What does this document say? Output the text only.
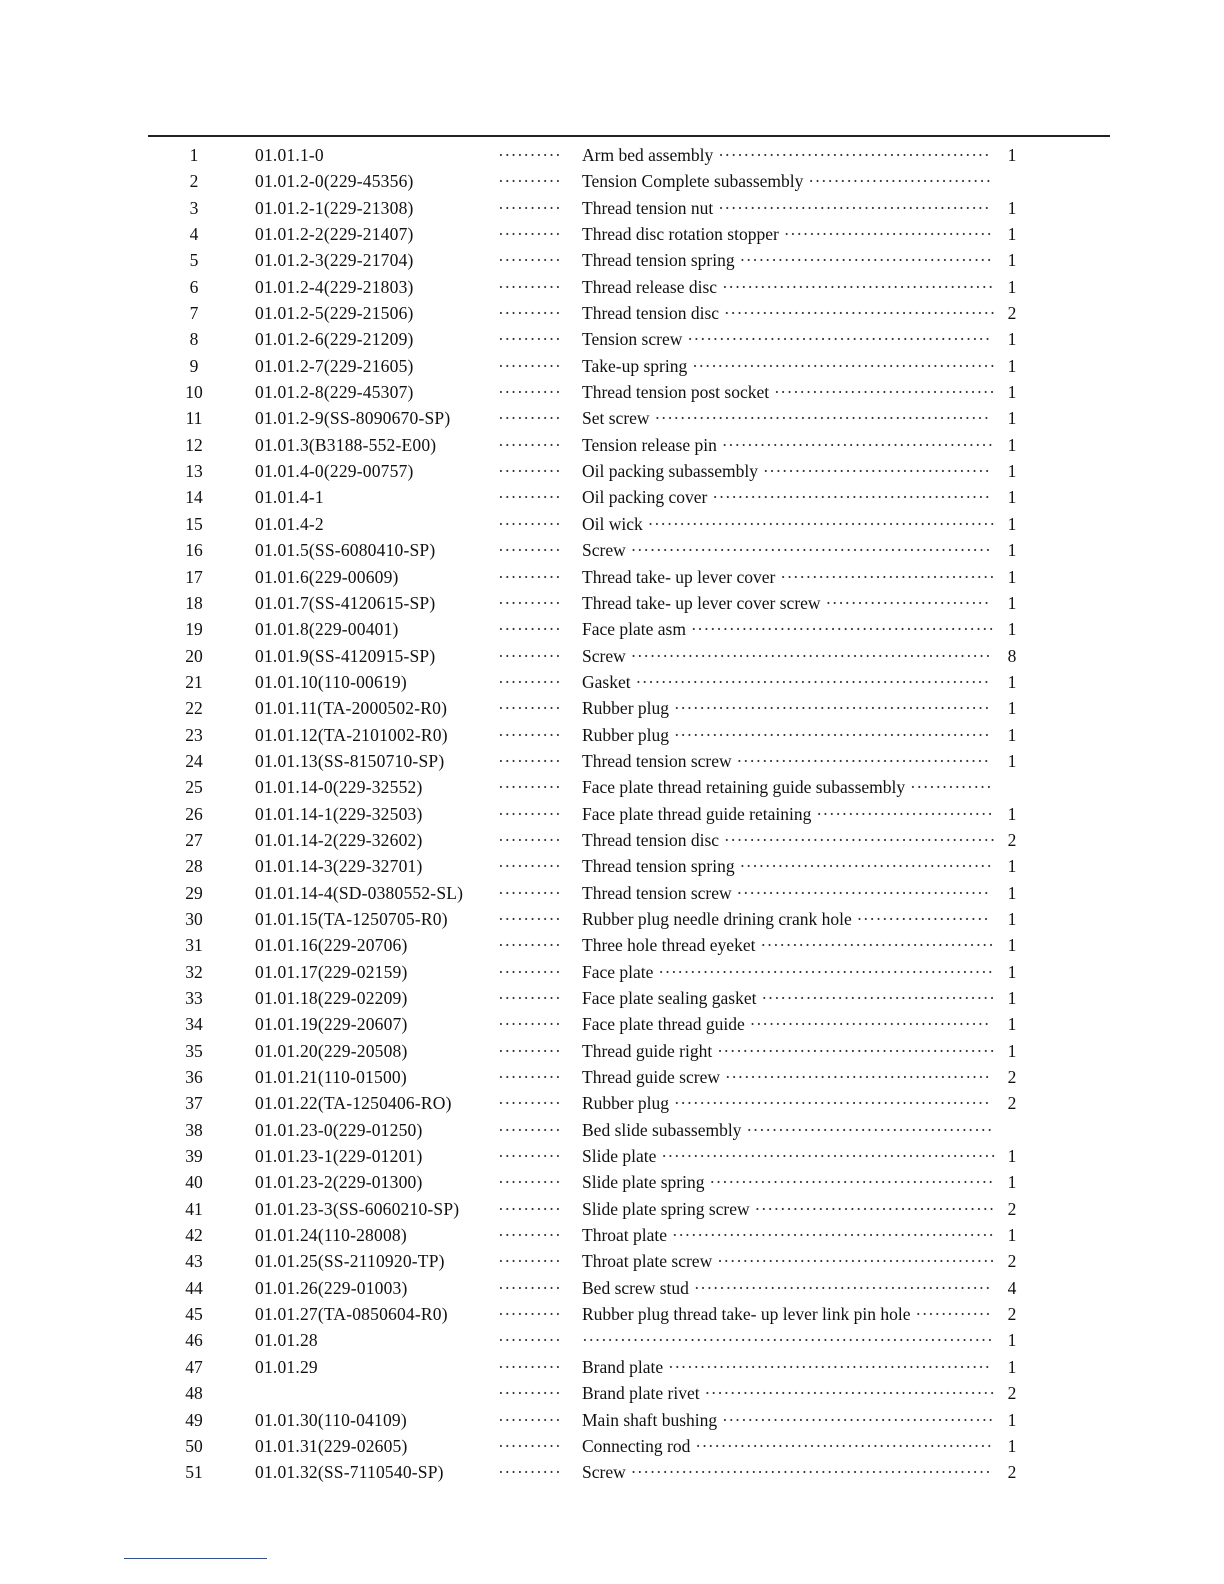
1	01.01.1-0	·········· Arm bed assembly ··········································· 1
2	01.01.2-0(229-45356)	·········· Tension Complete subassembly ·····························
3	01.01.2-1(229-21308)	·········· Thread tension nut ··········································· 1
4	01.01.2-2(229-21407)	·········· Thread disc rotation stopper ································· 1
5	01.01.2-3(229-21704)	·········· Thread tension spring ········································ 1
6	01.01.2-4(229-21803)	·········· Thread release disc ··········································· 1
7	01.01.2-5(229-21506)	·········· Thread tension disc ··········································· 2
8	01.01.2-6(229-21209)	·········· Tension screw ················································ 1
9	01.01.2-7(229-21605)	·········· Take-up spring ················································ 1
10	01.01.2-8(229-45307)	·········· Thread tension post socket ··································· 1
11	01.01.2-9(SS-8090670-SP)	·········· Set screw ·····················································	1
12	01.01.3(B3188-552-E00)	·········· Tension release pin ··········································· 1
13	01.01.4-0(229-00757)	·········· Oil packing subassembly ···································· 1
14	01.01.4-1	·········· Oil packing cover ············································ 1
15	01.01.4-2	·········· Oil wick ······················································· 1
16	01.01.5(SS-6080410-SP)	·········· Screw ························································· 1
17	01.01.6(229-00609)	·········· Thread take- up lever cover ·································· 1
18	01.01.7(SS-4120615-SP)	·········· Thread take- up lever cover screw ··························	1
19	01.01.8(229-00401)	·········· Face plate asm ················································ 1
20	01.01.9(SS-4120915-SP)	·········· Screw ························································· 8
21	01.01.10(110-00619)	·········· Gasket ························································	1
22	01.01.11(TA-2000502-R0)	·········· Rubber plug ·················································· 1
23	01.01.12(TA-2101002-R0)	·········· Rubber plug ·················································· 1
24	01.01.13(SS-8150710-SP)	·········· Thread tension screw ········································	1
25	01.01.14-0(229-32552)	·········· Face plate thread retaining guide subassembly ·············
26	01.01.14-1(229-32503)	·········· Face plate thread guide retaining ···························· 1
27	01.01.14-2(229-32602)	·········· Thread tension disc ··········································· 2
28	01.01.14-3(229-32701)	·········· Thread tension spring ········································ 1
29	01.01.14-4(SD-0380552-SL) ·········· Thread tension screw ········································	1
30	01.01.15(TA-1250705-R0)	·········· Rubber plug needle drining crank hole ·····················	1
31	01.01.16(229-20706)	·········· Three hole thread eyeket ····································· 1
32	01.01.17(229-02159)	·········· Face plate ····················································· 1
33	01.01.18(229-02209)	·········· Face plate sealing gasket ····································· 1
34	01.01.19(229-20607)	·········· Face plate thread guide ······································	1
35	01.01.20(229-20508)	·········· Thread guide right ············································ 1
36	01.01.21(110-01500)	·········· Thread guide screw ·········································· 2
37	01.01.22(TA-1250406-RO)	·········· Rubber plug ·················································· 2
38	01.01.23-0(229-01250)	·········· Bed slide subassembly ·······································
39	01.01.23-1(229-01201)	·········· Slide plate ····················································· 1
40	01.01.23-2(229-01300)	·········· Slide plate spring ············································· 1
41	01.01.23-3(SS-6060210-SP) ·········· Slide plate spring screw ······································ 2
42	01.01.24(110-28008)	·········· Throat plate ··················································· 1
43	01.01.25(SS-2110920-TP)	·········· Throat plate screw ············································ 2
44	01.01.26(229-01003)	·········· Bed screw stud ··············································· 4
45	01.01.27(TA-0850604-R0)	·········· Rubber plug thread take- up lever link pin hole ············ 2
46	01.01.28	·········· ································································· 1
47	01.01.29	·········· Brand plate ··················································· 1
48	·········· Brand plate rivet ·············································· 2
49	01.01.30(110-04109)	·········· Main shaft bushing ··········································· 1
50	01.01.31(229-02605)	·········· Connecting rod ··············································· 1
51	01.01.32(SS-7110540-SP)	·········· Screw ························································· 2
